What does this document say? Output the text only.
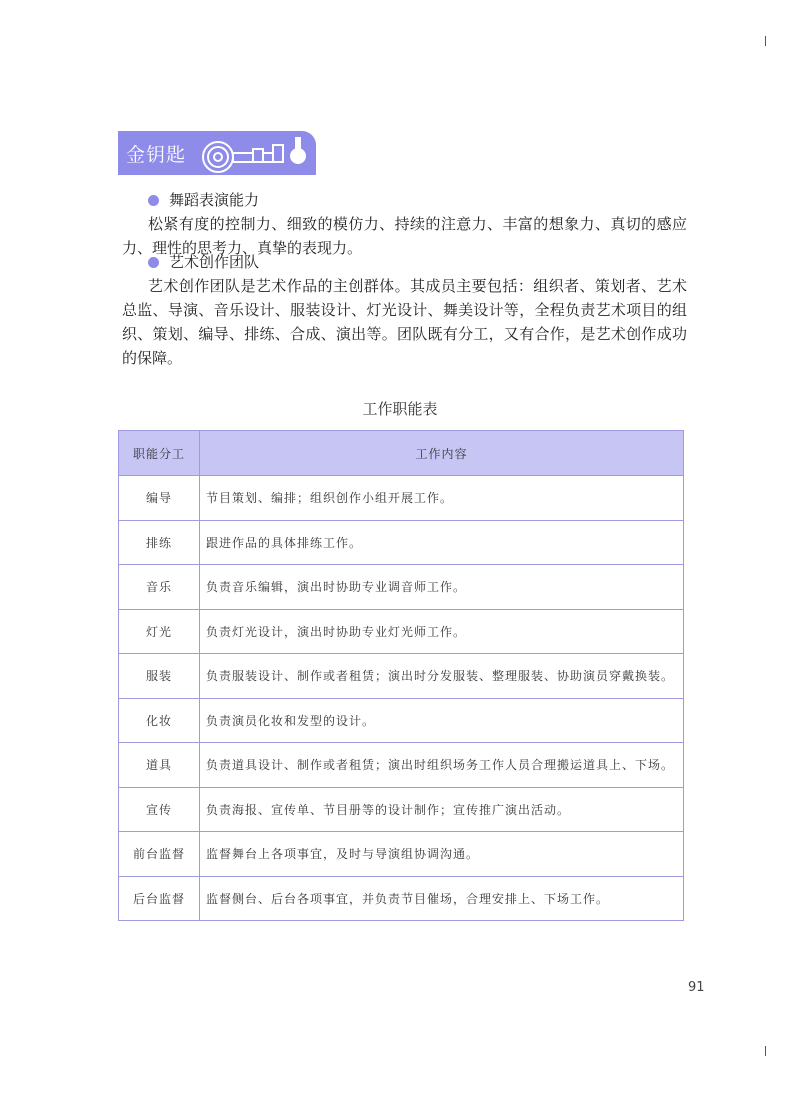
金钥匙
舞蹈表演能力
松紧有度的控制力、细致的模仿力、持续的注意力、丰富的想象力、真切的感应力、理性的思考力、真挚的表现力。
艺术创作团队
艺术创作团队是艺术作品的主创群体。其成员主要包括：组织者、策划者、艺术总监、导演、音乐设计、服装设计、灯光设计、舞美设计等，全程负责艺术项目的组织、策划、编导、排练、合成、演出等。团队既有分工，又有合作，是艺术创作成功的保障。
工作职能表
职能分工	工作内容
编导	节目策划、编排；组织创作小组开展工作。
排练	跟进作品的具体排练工作。
音乐	负责音乐编辑，演出时协助专业调音师工作。
灯光	负责灯光设计，演出时协助专业灯光师工作。
服装	负责服装设计、制作或者租赁；演出时分发服装、整理服装、协助演员穿戴换装。
化妆	负责演员化妆和发型的设计。
道具	负责道具设计、制作或者租赁；演出时组织场务工作人员合理搬运道具上、下场。
宣传	负责海报、宣传单、节目册等的设计制作；宣传推广演出活动。
前台监督	监督舞台上各项事宜，及时与导演组协调沟通。
后台监督	监督侧台、后台各项事宜，并负责节目催场，合理安排上、下场工作。
91
